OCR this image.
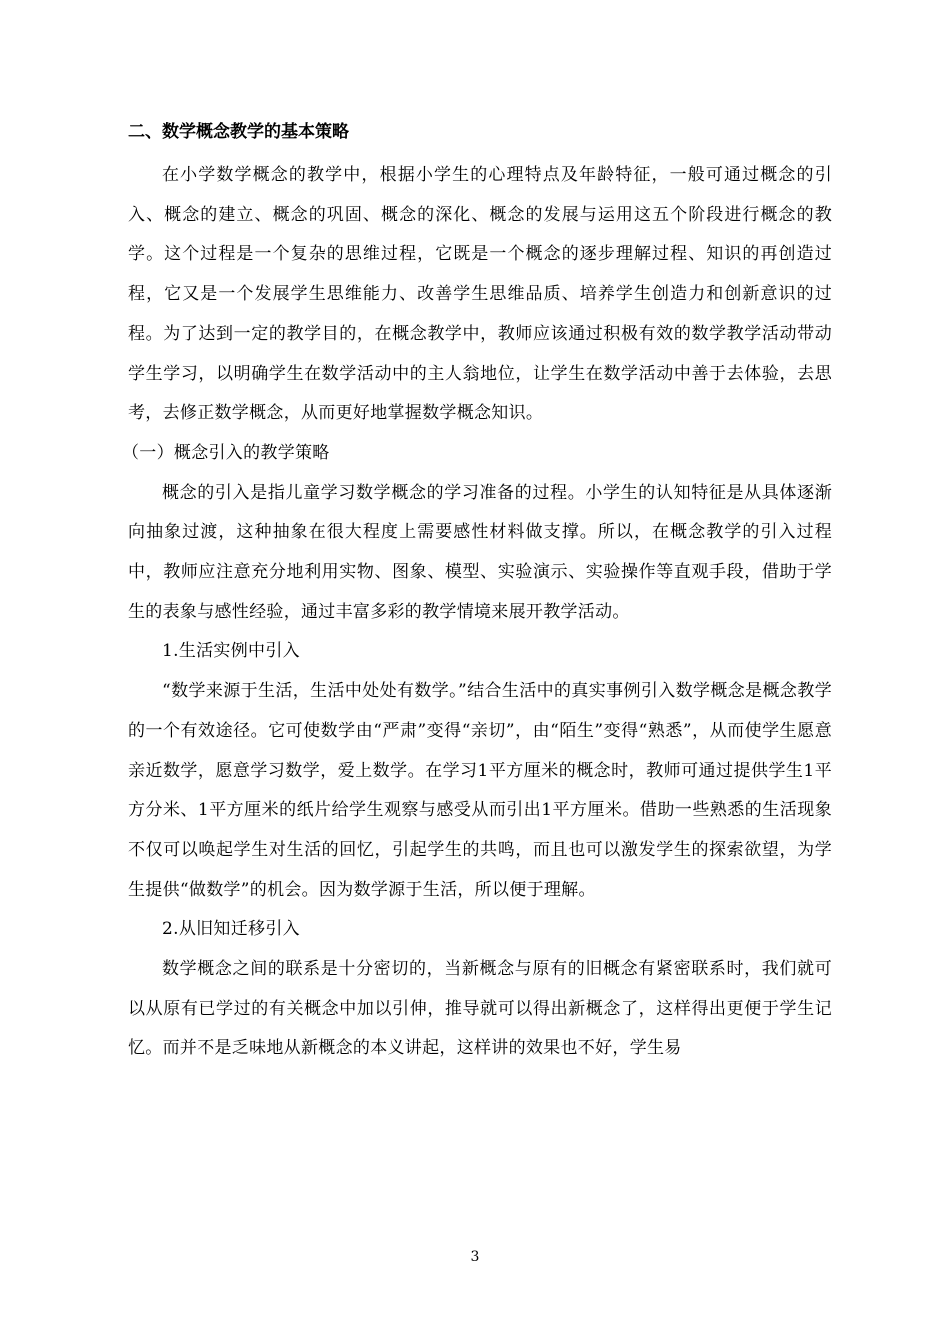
二、数学概念教学的基本策略

在小学数学概念的教学中，根据小学生的心理特点及年龄特征，一般可通过概念的引入、概念的建立、概念的巩固、概念的深化、概念的发展与运用这五个阶段进行概念的教学。这个过程是一个复杂的思维过程，它既是一个概念的逐步理解过程、知识的再创造过程，它又是一个发展学生思维能力、改善学生思维品质、培养学生创造力和创新意识的过程。为了达到一定的教学目的，在概念教学中，教师应该通过积极有效的数学教学活动带动学生学习，以明确学生在数学活动中的主人翁地位，让学生在数学活动中善于去体验，去思考，去修正数学概念，从而更好地掌握数学概念知识。

（一）概念引入的教学策略

概念的引入是指儿童学习数学概念的学习准备的过程。小学生的认知特征是从具体逐渐向抽象过渡，这种抽象在很大程度上需要感性材料做支撑。所以，在概念教学的引入过程中，教师应注意充分地利用实物、图象、模型、实验演示、实验操作等直观手段，借助于学生的表象与感性经验，通过丰富多彩的教学情境来展开教学活动。

1.生活实例中引入

“数学来源于生活，生活中处处有数学。”结合生活中的真实事例引入数学概念是概念教学的一个有效途径。它可使数学由“严肃”变得“亲切”，由“陌生”变得“熟悉”，从而使学生愿意亲近数学，愿意学习数学，爱上数学。在学习1平方厘米的概念时，教师可通过提供学生1平方分米、1平方厘米的纸片给学生观察与感受从而引出1平方厘米。借助一些熟悉的生活现象不仅可以唤起学生对生活的回忆，引起学生的共鸣，而且也可以激发学生的探索欲望，为学生提供“做数学”的机会。因为数学源于生活，所以便于理解。

2.从旧知迁移引入

数学概念之间的联系是十分密切的，当新概念与原有的旧概念有紧密联系时，我们就可以从原有已学过的有关概念中加以引伸，推导就可以得出新概念了，这样得出更便于学生记忆。而并不是乏味地从新概念的本义讲起，这样讲的效果也不好，学生易

3
